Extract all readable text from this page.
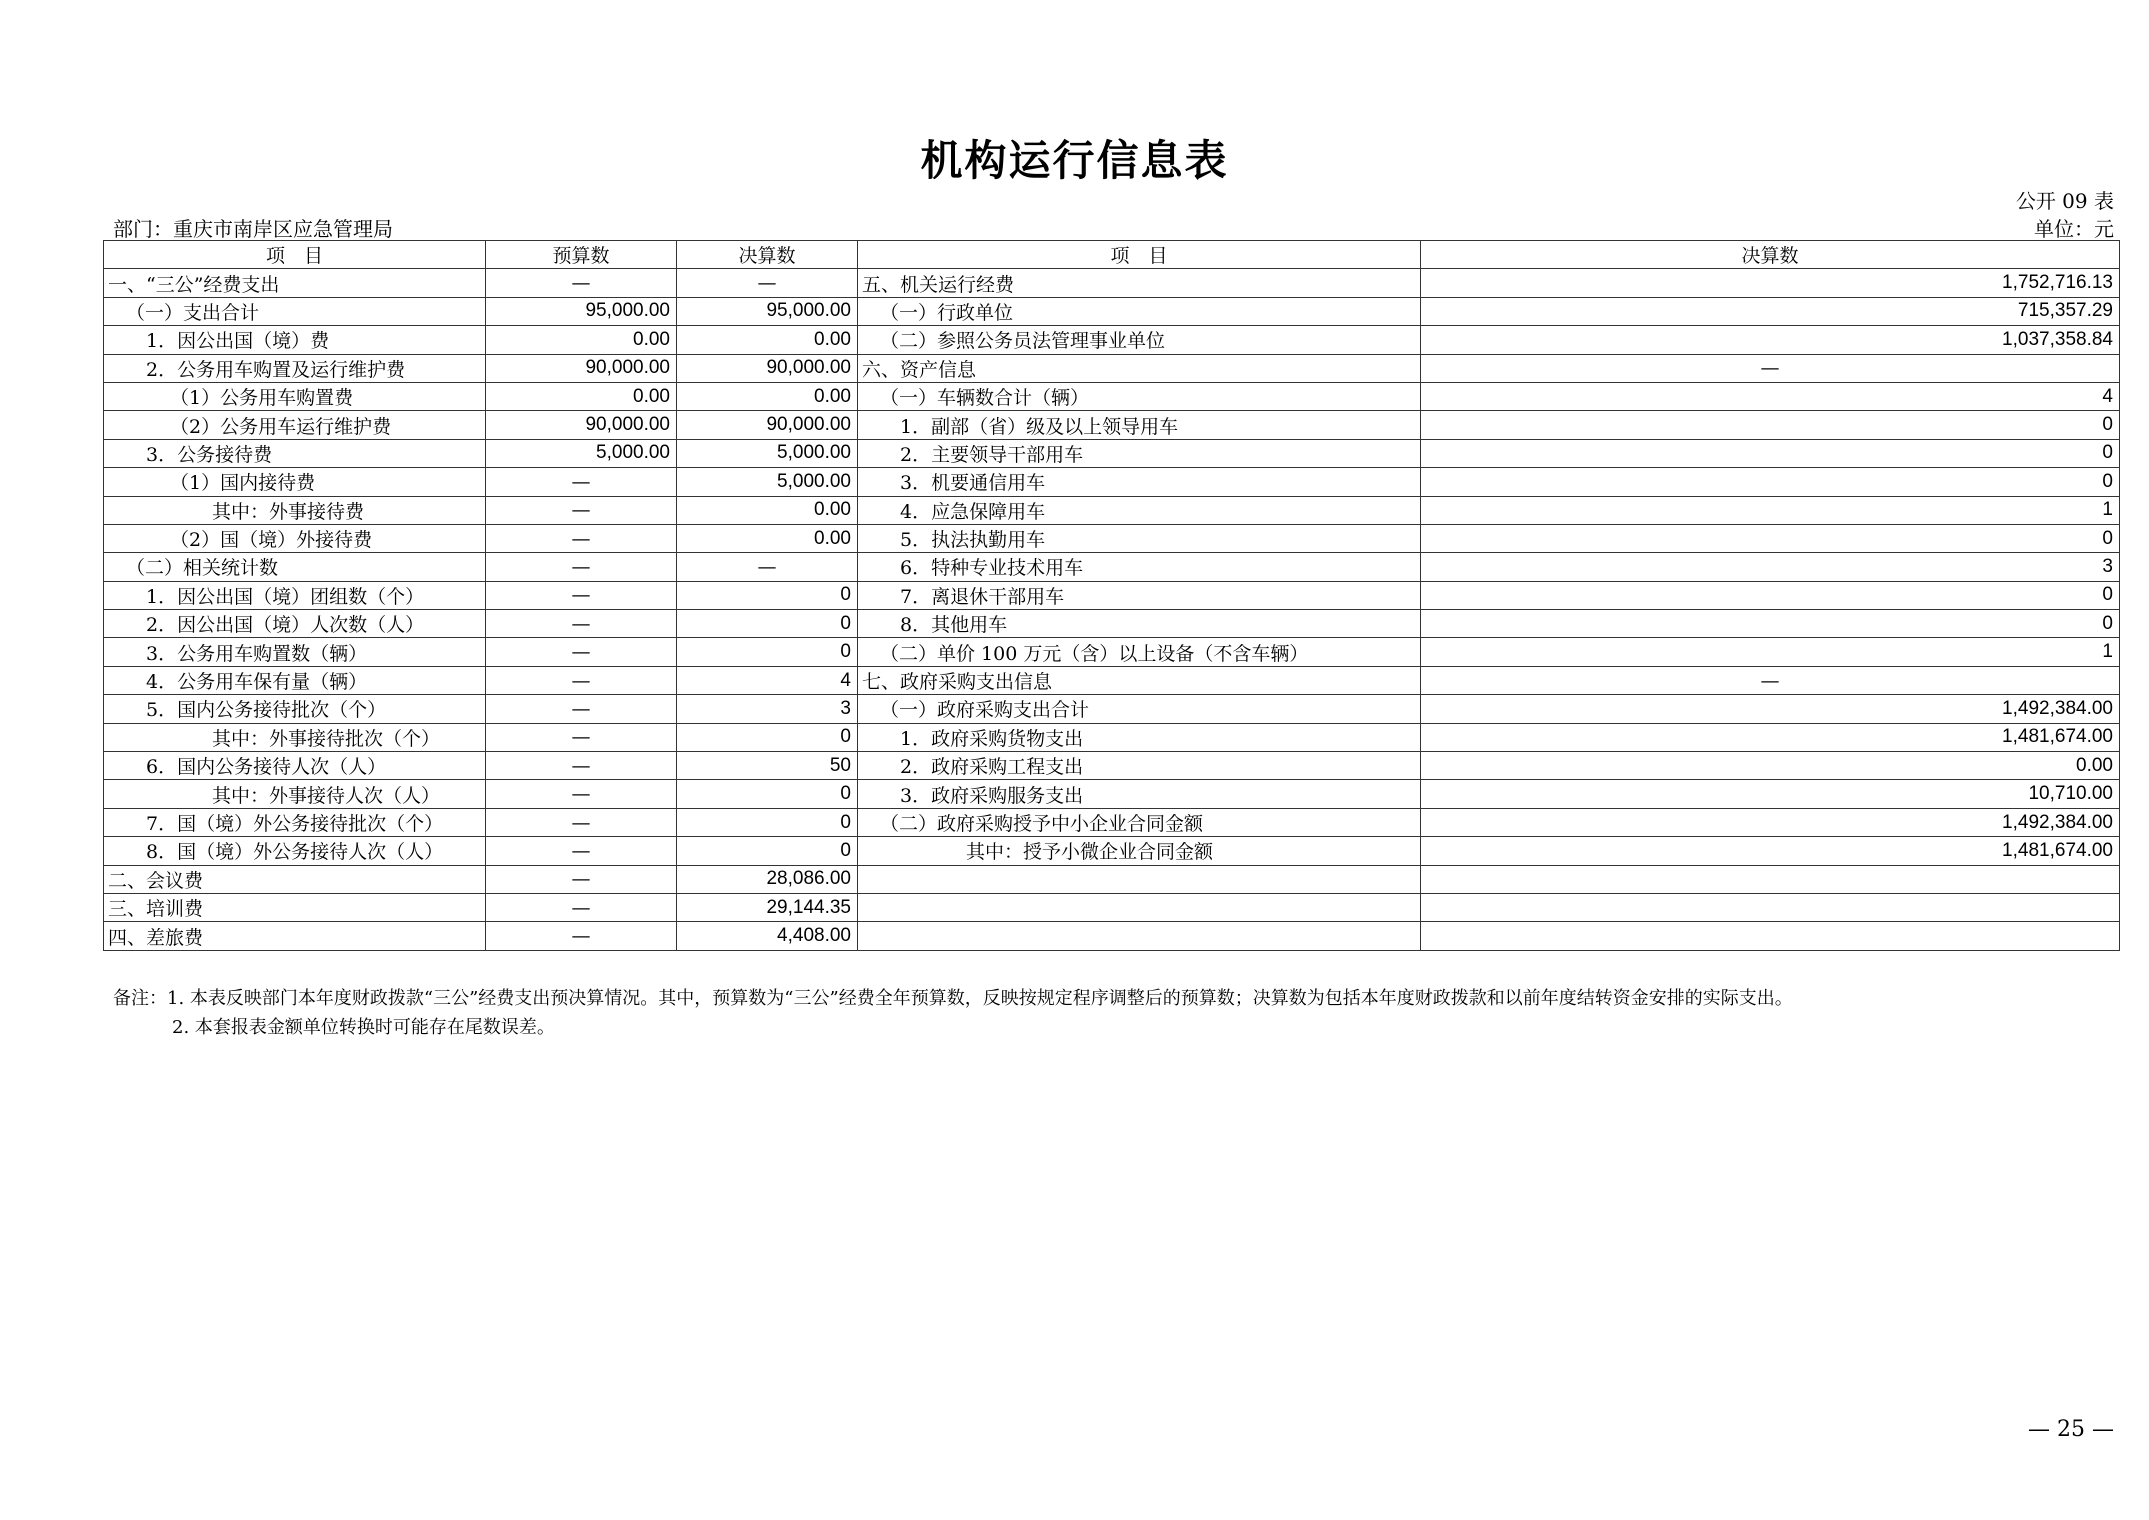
机构运行信息表
公开 09 表
部门：重庆市南岸区应急管理局	单位：元
项　目	预算数	决算数	项　目	决算数
一、“三公”经费支出	—	—	五、机关运行经费	1,752,716.13
（一）支出合计	95,000.00	95,000.00	（一）行政单位	715,357.29
1．因公出国（境）费	0.00	0.00	（二）参照公务员法管理事业单位	1,037,358.84
2．公务用车购置及运行维护费	90,000.00	90,000.00	六、资产信息	—
（1）公务用车购置费	0.00	0.00	（一）车辆数合计（辆）	4
（2）公务用车运行维护费	90,000.00	90,000.00	1．副部（省）级及以上领导用车	0
3．公务接待费	5,000.00	5,000.00	2．主要领导干部用车	0
（1）国内接待费	—	5,000.00	3．机要通信用车	0
其中：外事接待费	—	0.00	4．应急保障用车	1
（2）国（境）外接待费	—	0.00	5．执法执勤用车	0
（二）相关统计数	—	—	6．特种专业技术用车	3
1．因公出国（境）团组数（个）	—	0	7．离退休干部用车	0
2．因公出国（境）人次数（人）	—	0	8．其他用车	0
3．公务用车购置数（辆）	—	0	（二）单价 100 万元（含）以上设备（不含车辆）	1
4．公务用车保有量（辆）	—	4	七、政府采购支出信息	—
5．国内公务接待批次（个）	—	3	（一）政府采购支出合计	1,492,384.00
其中：外事接待批次（个）	—	0	1．政府采购货物支出	1,481,674.00
6．国内公务接待人次（人）	—	50	2．政府采购工程支出	0.00
其中：外事接待人次（人）	—	0	3．政府采购服务支出	10,710.00
7．国（境）外公务接待批次（个）	—	0	（二）政府采购授予中小企业合同金额	1,492,384.00
8．国（境）外公务接待人次（人）	—	0	其中：授予小微企业合同金额	1,481,674.00
二、会议费	—	28,086.00		
三、培训费	—	29,144.35		
四、差旅费	—	4,408.00		
备注：1. 本表反映部门本年度财政拨款“三公”经费支出预决算情况。其中，预算数为“三公”经费全年预算数，反映按规定程序调整后的预算数；决算数为包括本年度财政拨款和以前年度结转资金安排的实际支出。
2. 本套报表金额单位转换时可能存在尾数误差。
— 25 —
